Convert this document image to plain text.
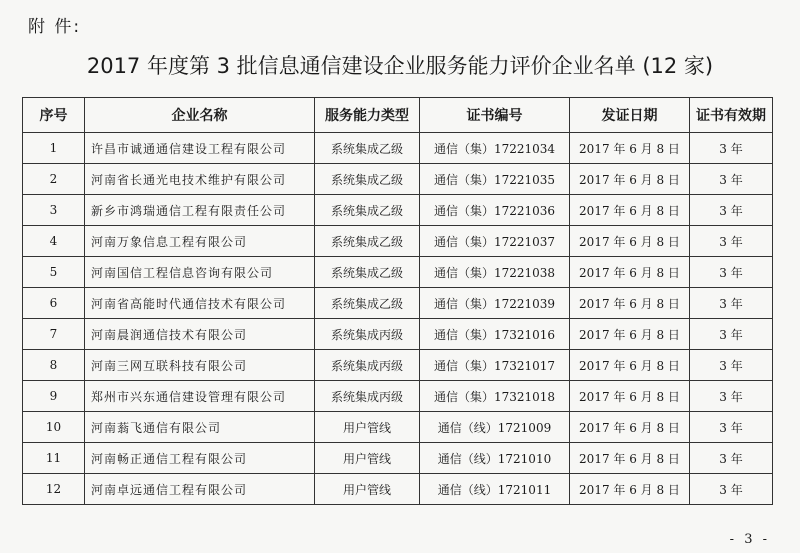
附 件:
2017 年度第 3 批信息通信建设企业服务能力评价企业名单 (12 家)
序号	企业名称	服务能力类型	证书编号	发证日期	证书有效期
1	许昌市诚通通信建设工程有限公司	系统集成乙级	通信（集）17221034	2017 年 6 月 8 日	3 年
2	河南省长通光电技术维护有限公司	系统集成乙级	通信（集）17221035	2017 年 6 月 8 日	3 年
3	新乡市鸿瑞通信工程有限责任公司	系统集成乙级	通信（集）17221036	2017 年 6 月 8 日	3 年
4	河南万象信息工程有限公司	系统集成乙级	通信（集）17221037	2017 年 6 月 8 日	3 年
5	河南国信工程信息咨询有限公司	系统集成乙级	通信（集）17221038	2017 年 6 月 8 日	3 年
6	河南省高能时代通信技术有限公司	系统集成乙级	通信（集）17221039	2017 年 6 月 8 日	3 年
7	河南晨润通信技术有限公司	系统集成丙级	通信（集）17321016	2017 年 6 月 8 日	3 年
8	河南三网互联科技有限公司	系统集成丙级	通信（集）17321017	2017 年 6 月 8 日	3 年
9	郑州市兴东通信建设管理有限公司	系统集成丙级	通信（集）17321018	2017 年 6 月 8 日	3 年
10	河南蓊飞通信有限公司	用户管线	通信（线）1721009	2017 年 6 月 8 日	3 年
11	河南畅正通信工程有限公司	用户管线	通信（线）1721010	2017 年 6 月 8 日	3 年
12	河南卓远通信工程有限公司	用户管线	通信（线）1721011	2017 年 6 月 8 日	3 年
- 3 -
